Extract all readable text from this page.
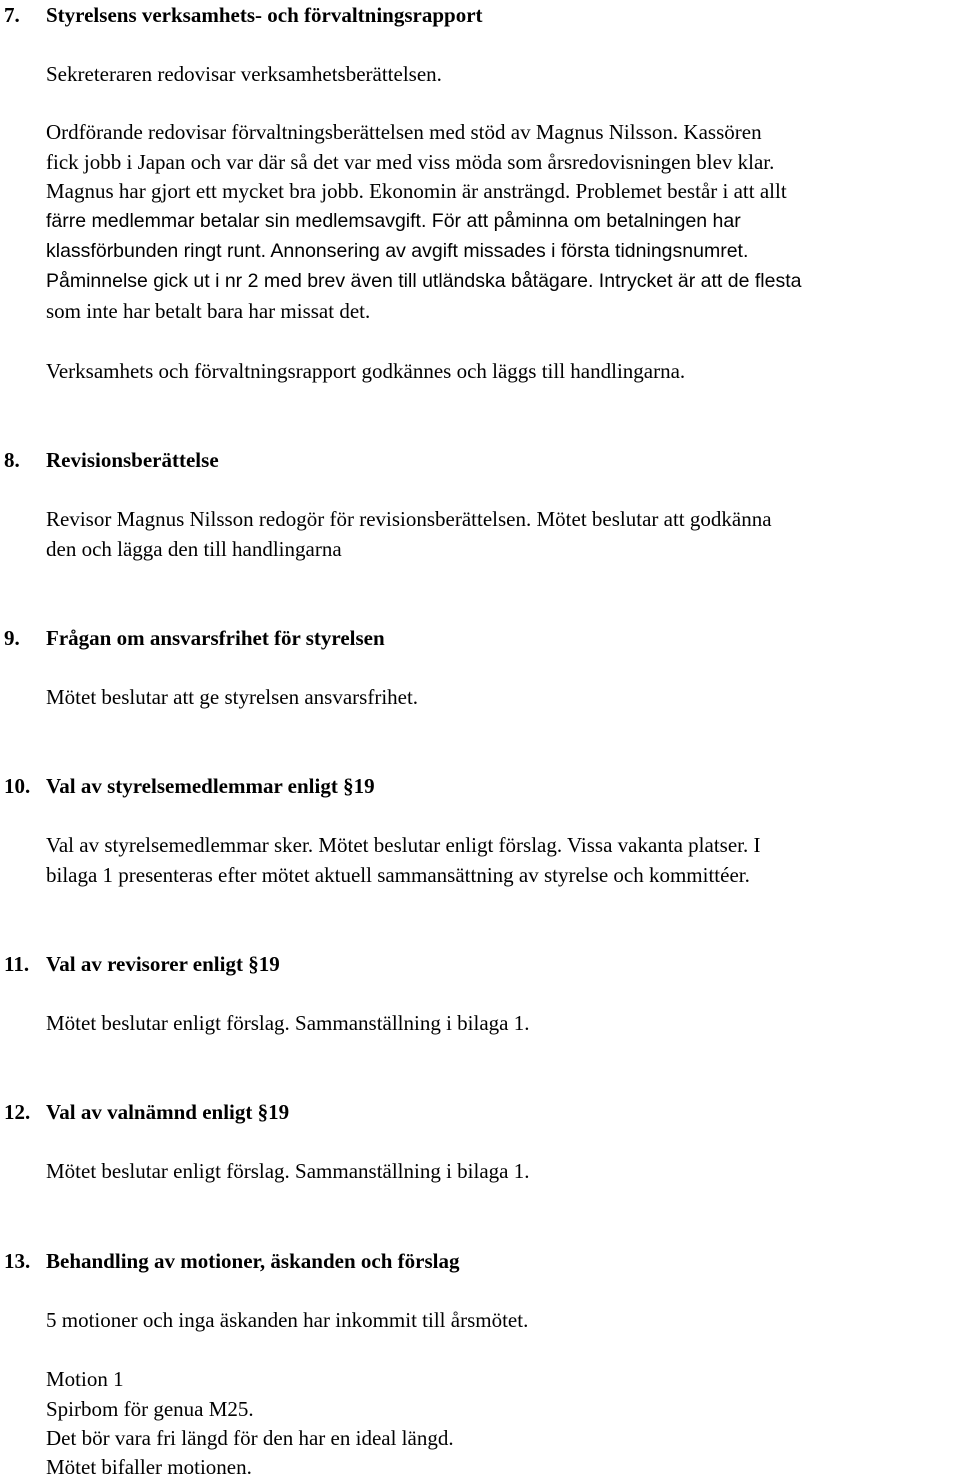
7. Styrelsens verksamhets- och förvaltningsrapport
Sekreteraren redovisar verksamhetsberättelsen.
Ordförande redovisar förvaltningsberättelsen med stöd av Magnus Nilsson. Kassören
fick jobb i Japan och var där så det var med viss möda som årsredovisningen blev klar.
Magnus har gjort ett mycket bra jobb. Ekonomin är ansträngd. Problemet består i att allt
färre medlemmar betalar sin medlemsavgift. För att påminna om betalningen har
klassförbunden ringt runt. Annonsering av avgift missades i första tidningsnumret.
Påminnelse gick ut i nr 2 med brev även till utländska båtägare. Intrycket är att de flesta
som inte har betalt bara har missat det.
Verksamhets och förvaltningsrapport godkännes och läggs till handlingarna.
8. Revisionsberättelse
Revisor Magnus Nilsson redogör för revisionsberättelsen. Mötet beslutar att godkänna
den och lägga den till handlingarna
9. Frågan om ansvarsfrihet för styrelsen
Mötet beslutar att ge styrelsen ansvarsfrihet.
10. Val av styrelsemedlemmar enligt §19
Val av styrelsemedlemmar sker. Mötet beslutar enligt förslag. Vissa vakanta platser. I
bilaga 1 presenteras efter mötet aktuell sammansättning av styrelse och kommittéer.
11. Val av revisorer enligt §19
Mötet beslutar enligt förslag. Sammanställning i bilaga 1.
12. Val av valnämnd enligt §19
Mötet beslutar enligt förslag. Sammanställning i bilaga 1.
13. Behandling av motioner, äskanden och förslag
5 motioner och inga äskanden har inkommit till årsmötet.
Motion 1
Spirbom för genua M25.
Det bör vara fri längd för den har en ideal längd.
Mötet bifaller motionen.
